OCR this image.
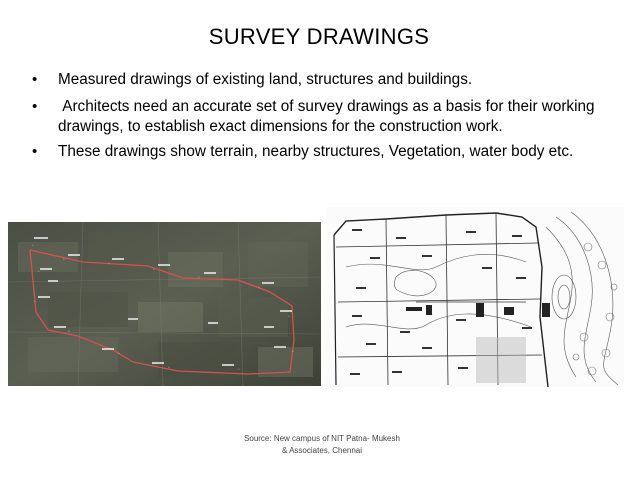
SURVEY DRAWINGS
• Measured drawings of existing land, structures and buildings.
• Architects need an accurate set of survey drawings as a basis for their working drawings, to establish exact dimensions for the construction work.
• These drawings show terrain, nearby structures, Vegetation, water body etc.
•
•
•
•
•
•
•
•
•
•
•
•
•
•
Source: New campus of NIT Patna- Mukesh
& Associates, Chennai
